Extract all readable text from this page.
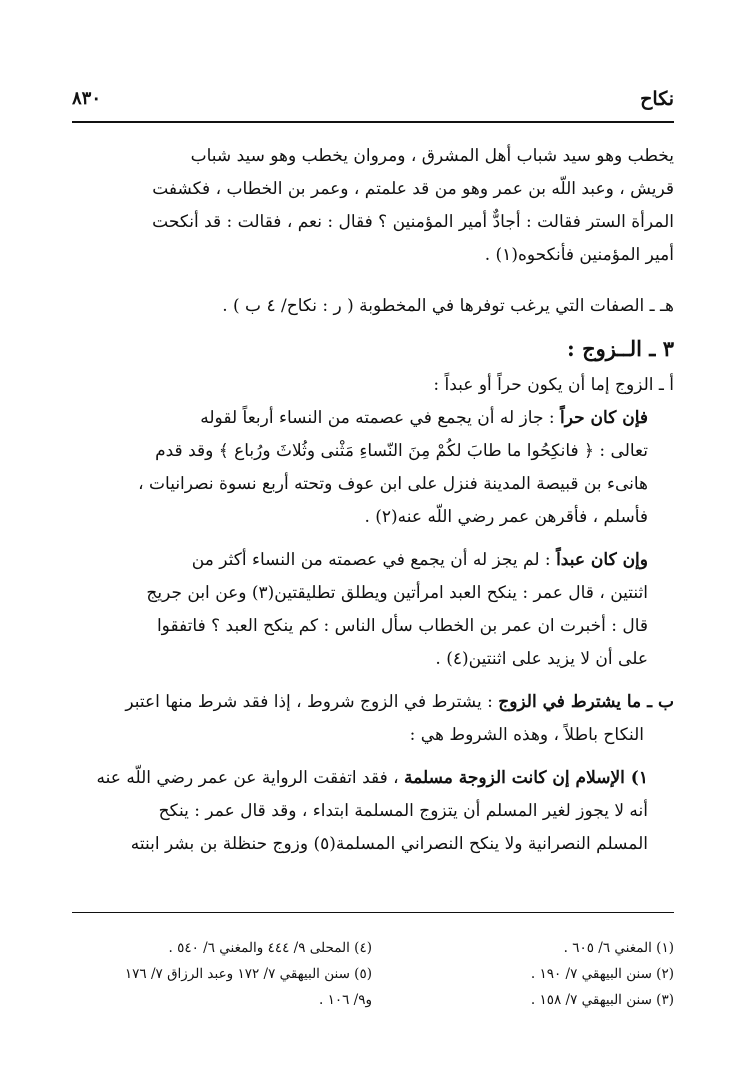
نكاح
٨٣٠
يخطب وهو سيد شباب أهل المشرق ، ومروان يخطب وهو سيد شباب
قريش ، وعبد اللّه بن عمر وهو من قد علمتم ، وعمر بن الخطاب ، فكشفت
المرأة الستر فقالت : أجادٌّ أمير المؤمنين ؟ فقال : نعم ، فقالت : قد أنكحت
أمير المؤمنين فأنكحوه(١) .
هـ ـ الصفات التي يرغب توفرها في المخطوبة ( ر : نكاح/ ٤ ب ) .
٣ ـ الــزوج :
أ ـ الزوج إما أن يكون حراً أو عبداً :
فإن كان حراً : جاز له أن يجمع في عصمته من النساء أربعاً لقوله
تعالى : ﴿ فانكِحُوا ما طابَ لكُمْ مِنَ النّساءِ مَثْنى وثُلاثَ ورُباع ﴾ وقد قدم
هانىء بن قبيصة المدينة فنزل على ابن عوف وتحته أربع نسوة نصرانيات ،
فأسلم ، فأقرهن عمر رضي اللّه عنه(٢) .
وإن كان عبداً : لم يجز له أن يجمع في عصمته من النساء أكثر من
اثنتين ، قال عمر : ينكح العبد امرأتين ويطلق تطليقتين(٣) وعن ابن جريج
قال : أخبرت ان عمر بن الخطاب سأل الناس : كم ينكح العبد ؟ فاتفقوا
على أن لا يزيد على اثنتين(٤) .
ب ـ ما يشترط في الزوج : يشترط في الزوج شروط ، إذا فقد شرط منها اعتبر
النكاح باطلاً ، وهذه الشروط هي :
١) الإسلام إن كانت الزوجة مسلمة ، فقد اتفقت الرواية عن عمر رضي اللّه عنه
أنه لا يجوز لغير المسلم أن يتزوج المسلمة ابتداء ، وقد قال عمر : ينكح
المسلم النصرانية ولا ينكح النصراني المسلمة(٥) وزوج حنظلة بن بشر ابنته
(١) المغني ٦/ ٦٠٥ .
(٢) سنن البيهقي ٧/ ١٩٠ .
(٣) سنن البيهقي ٧/ ١٥٨ .
(٤) المحلى ٩/ ٤٤٤ والمغني ٦/ ٥٤٠ .
(٥) سنن البيهقي ٧/ ١٧٢ وعبد الرزاق ٧/ ١٧٦
و٩/ ١٠٦ .
